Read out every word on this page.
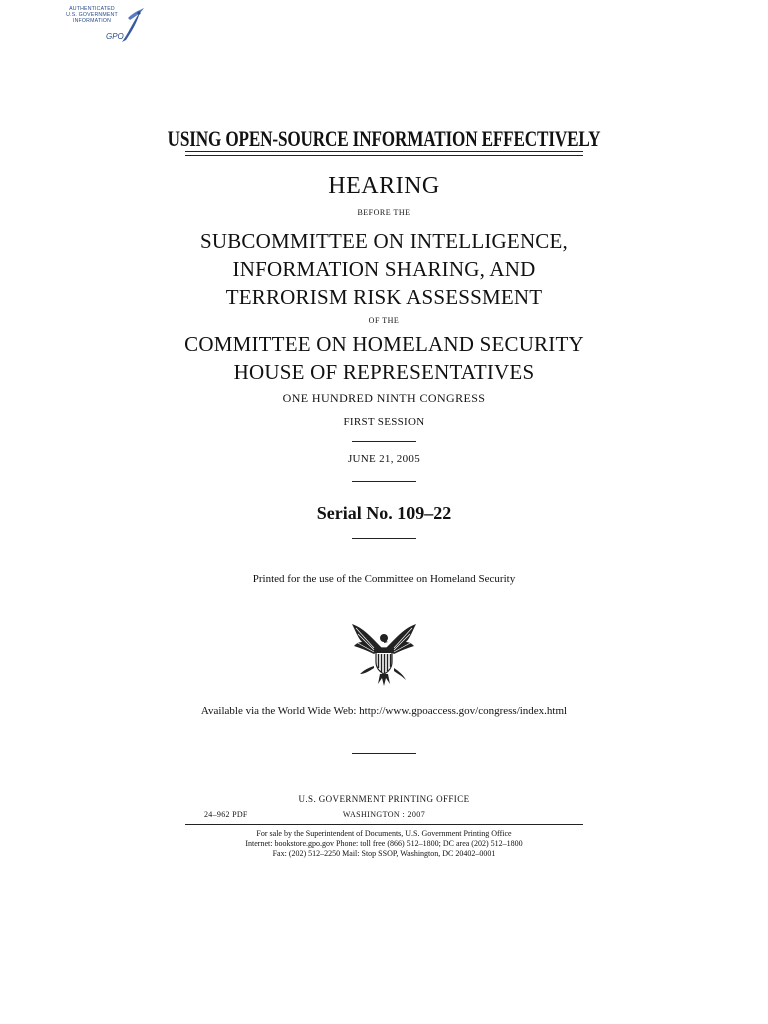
AUTHENTICATED
U.S. GOVERNMENT
INFORMATION
GPO
USING OPEN-SOURCE INFORMATION EFFECTIVELY
HEARING
BEFORE THE
SUBCOMMITTEE ON INTELLIGENCE,
INFORMATION SHARING, AND
TERRORISM RISK ASSESSMENT
OF THE
COMMITTEE ON HOMELAND SECURITY
HOUSE OF REPRESENTATIVES
ONE HUNDRED NINTH CONGRESS
FIRST SESSION
JUNE 21, 2005
Serial No. 109–22
Printed for the use of the Committee on Homeland Security
Available via the World Wide Web: http://www.gpoaccess.gov/congress/index.html
U.S. GOVERNMENT PRINTING OFFICE
24–962 PDF	WASHINGTON : 2007
For sale by the Superintendent of Documents, U.S. Government Printing Office
Internet: bookstore.gpo.gov Phone: toll free (866) 512–1800; DC area (202) 512–1800
Fax: (202) 512–2250 Mail: Stop SSOP, Washington, DC 20402–0001
